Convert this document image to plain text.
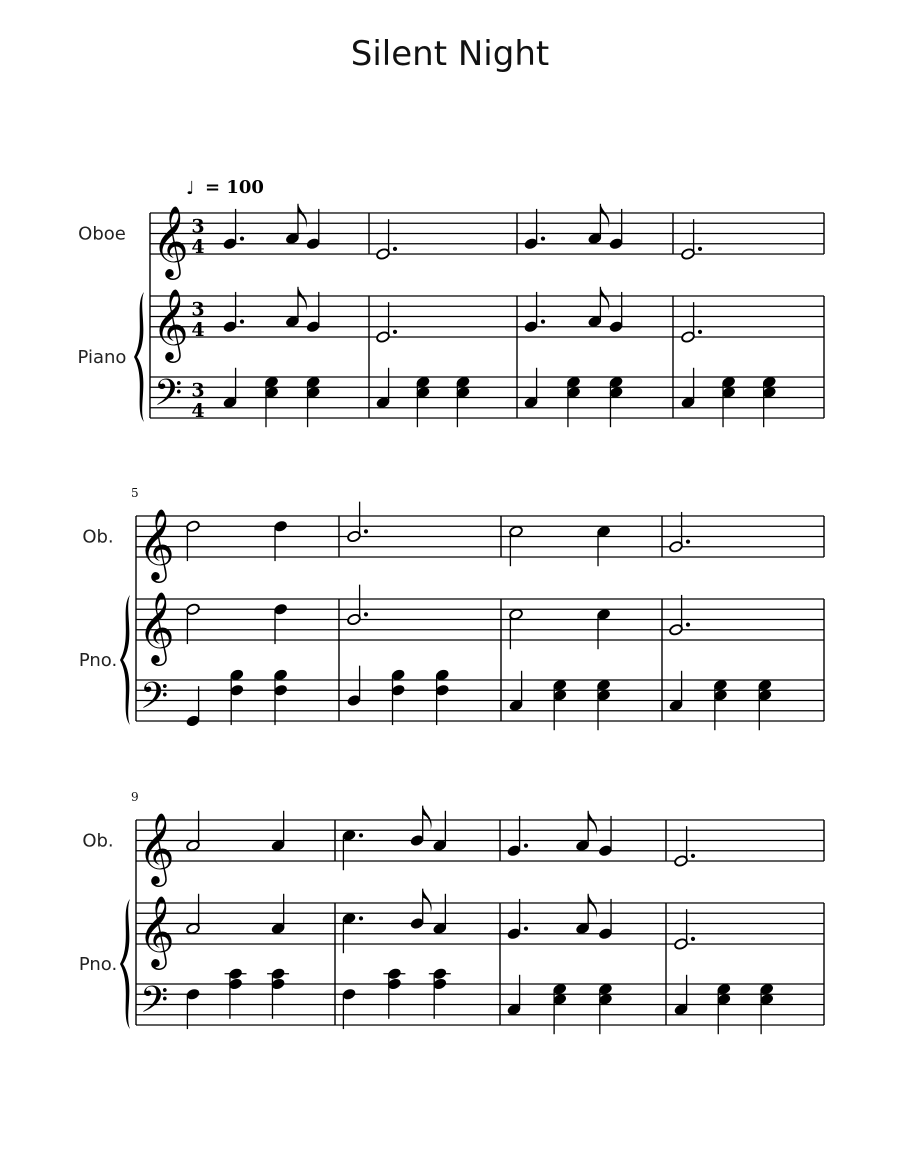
Silent Night
𝄞
𝄞
𝄢
Oboe
Piano
3
4
3
4
3
4
♩ = 100
𝄞
𝄞
𝄢
Ob.
Pno.
5
𝄞
𝄞
𝄢
Ob.
Pno.
9
